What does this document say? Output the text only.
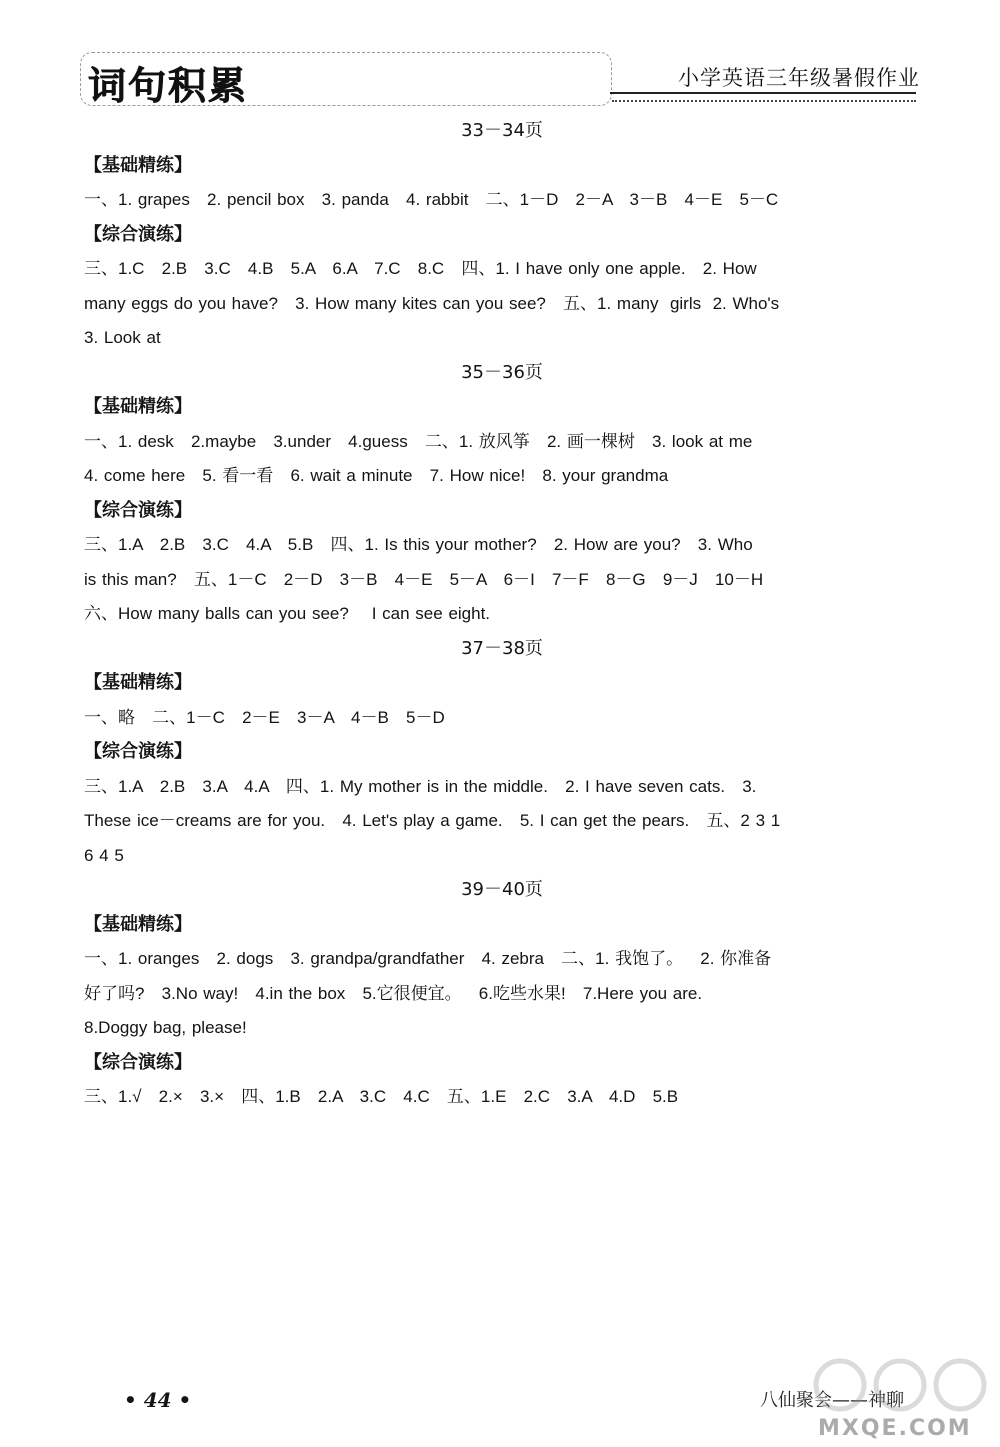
词句积累	小学英语三年级暑假作业
33－34页
【基础精练】
一、1. grapes   2. pencil box   3. panda   4. rabbit   二、1－D   2－A   3－B   4－E   5－C
【综合演练】
三、1.C   2.B   3.C   4.B   5.A   6.A   7.C   8.C   四、1. I have only one apple.   2. How
many eggs do you have?   3. How many kites can you see?   五、1. many  girls  2. Who's
3. Look at
35－36页
【基础精练】
一、1. desk   2.maybe   3.under   4.guess   二、1. 放风筝   2. 画一棵树   3. look at me
4. come here   5. 看一看   6. wait a minute   7. How nice!   8. your grandma
【综合演练】
三、1.A   2.B   3.C   4.A   5.B   四、1. Is this your mother?   2. How are you?   3. Who
is this man?   五、1－C   2－D   3－B   4－E   5－A   6－I   7－F   8－G   9－J   10－H
六、How many balls can you see?    I can see eight.
37－38页
【基础精练】
一、略   二、1－C   2－E   3－A   4－B   5－D
【综合演练】
三、1.A   2.B   3.A   4.A   四、1. My mother is in the middle.   2. I have seven cats.   3.
These ice－creams are for you.   4. Let's play a game.   5. I can get the pears.   五、2 3 1
6 4 5
39－40页
【基础精练】
一、1. oranges   2. dogs   3. grandpa/grandfather   4. zebra   二、1. 我饱了。   2. 你准备
好了吗?   3.No way!   4.in the box   5.它很便宜。   6.吃些水果!   7.Here you are.
8.Doggy bag, please!
【综合演练】
三、1.√   2.×   3.×   四、1.B   2.A   3.C   4.C   五、1.E   2.C   3.A   4.D   5.B
• 44 •	八仙聚会——神聊
MXQE.COM
